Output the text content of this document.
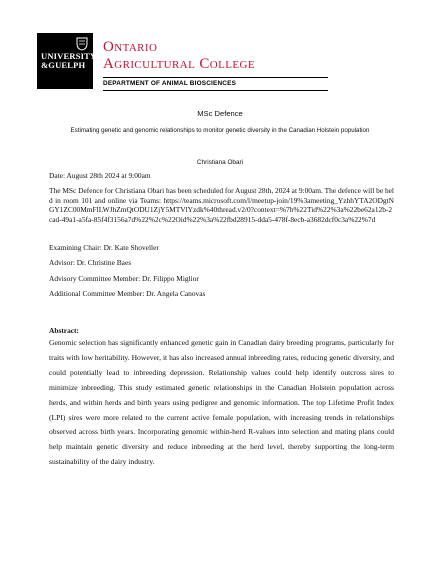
UNIVERSITY
&GUELPH
Ontario
Agricultural College
DEPARTMENT OF ANIMAL BIOSCIENCES
MSc Defence
Estimating genetic and genomic relationships to monitor genetic diversity in the Canadian Holstein population
Christiana Obari
Date: August 28th 2024 at 9:00am
The MSc Defence for Christiana Obari has been scheduled for August 28th, 2024 at 9:00am. The defence will be held in room 101 and online via Teams: https://teams.microsoft.com/l/meetup-join/19%3ameeting_YzhhYTA2ODgtNGY1ZC00MmFlLWJhZmQtODU1ZjY5MTVlYzdk%40thread.v2/0?context=%7b%22Tid%22%3a%22be62a12b-2cad-49a1-a5fa-85f4f3156a7d%22%2c%22Oid%22%3a%22fbd28915-dda5-478f-8ecb-a3682dcf0c3a%22%7d
Examining Chair: Dr. Kate Shoveller
Advisor: Dr. Christine Baes
Advisory Committee Member: Dr. Filippo Miglior
Additional Committee Member: Dr. Angela Canovas
Abstract:
Genomic selection has significantly enhanced genetic gain in Canadian dairy breeding programs, particularly for traits with low heritability. However, it has also increased annual inbreeding rates, reducing genetic diversity, and could potentially lead to inbreeding depression. Relationship values could help identify outcross sires to minimize inbreeding. This study estimated genetic relationships in the Canadian Holstein population across herds, and within herds and birth years using pedigree and genomic information. The top Lifetime Profit Index (LPI) sires were more related to the current active female population, with increasing trends in relationships observed across birth years. Incorporating genomic within-herd R-values into selection and mating plans could help maintain genetic diversity and reduce inbreeding at the herd level, thereby supporting the long-term sustainability of the dairy industry.
